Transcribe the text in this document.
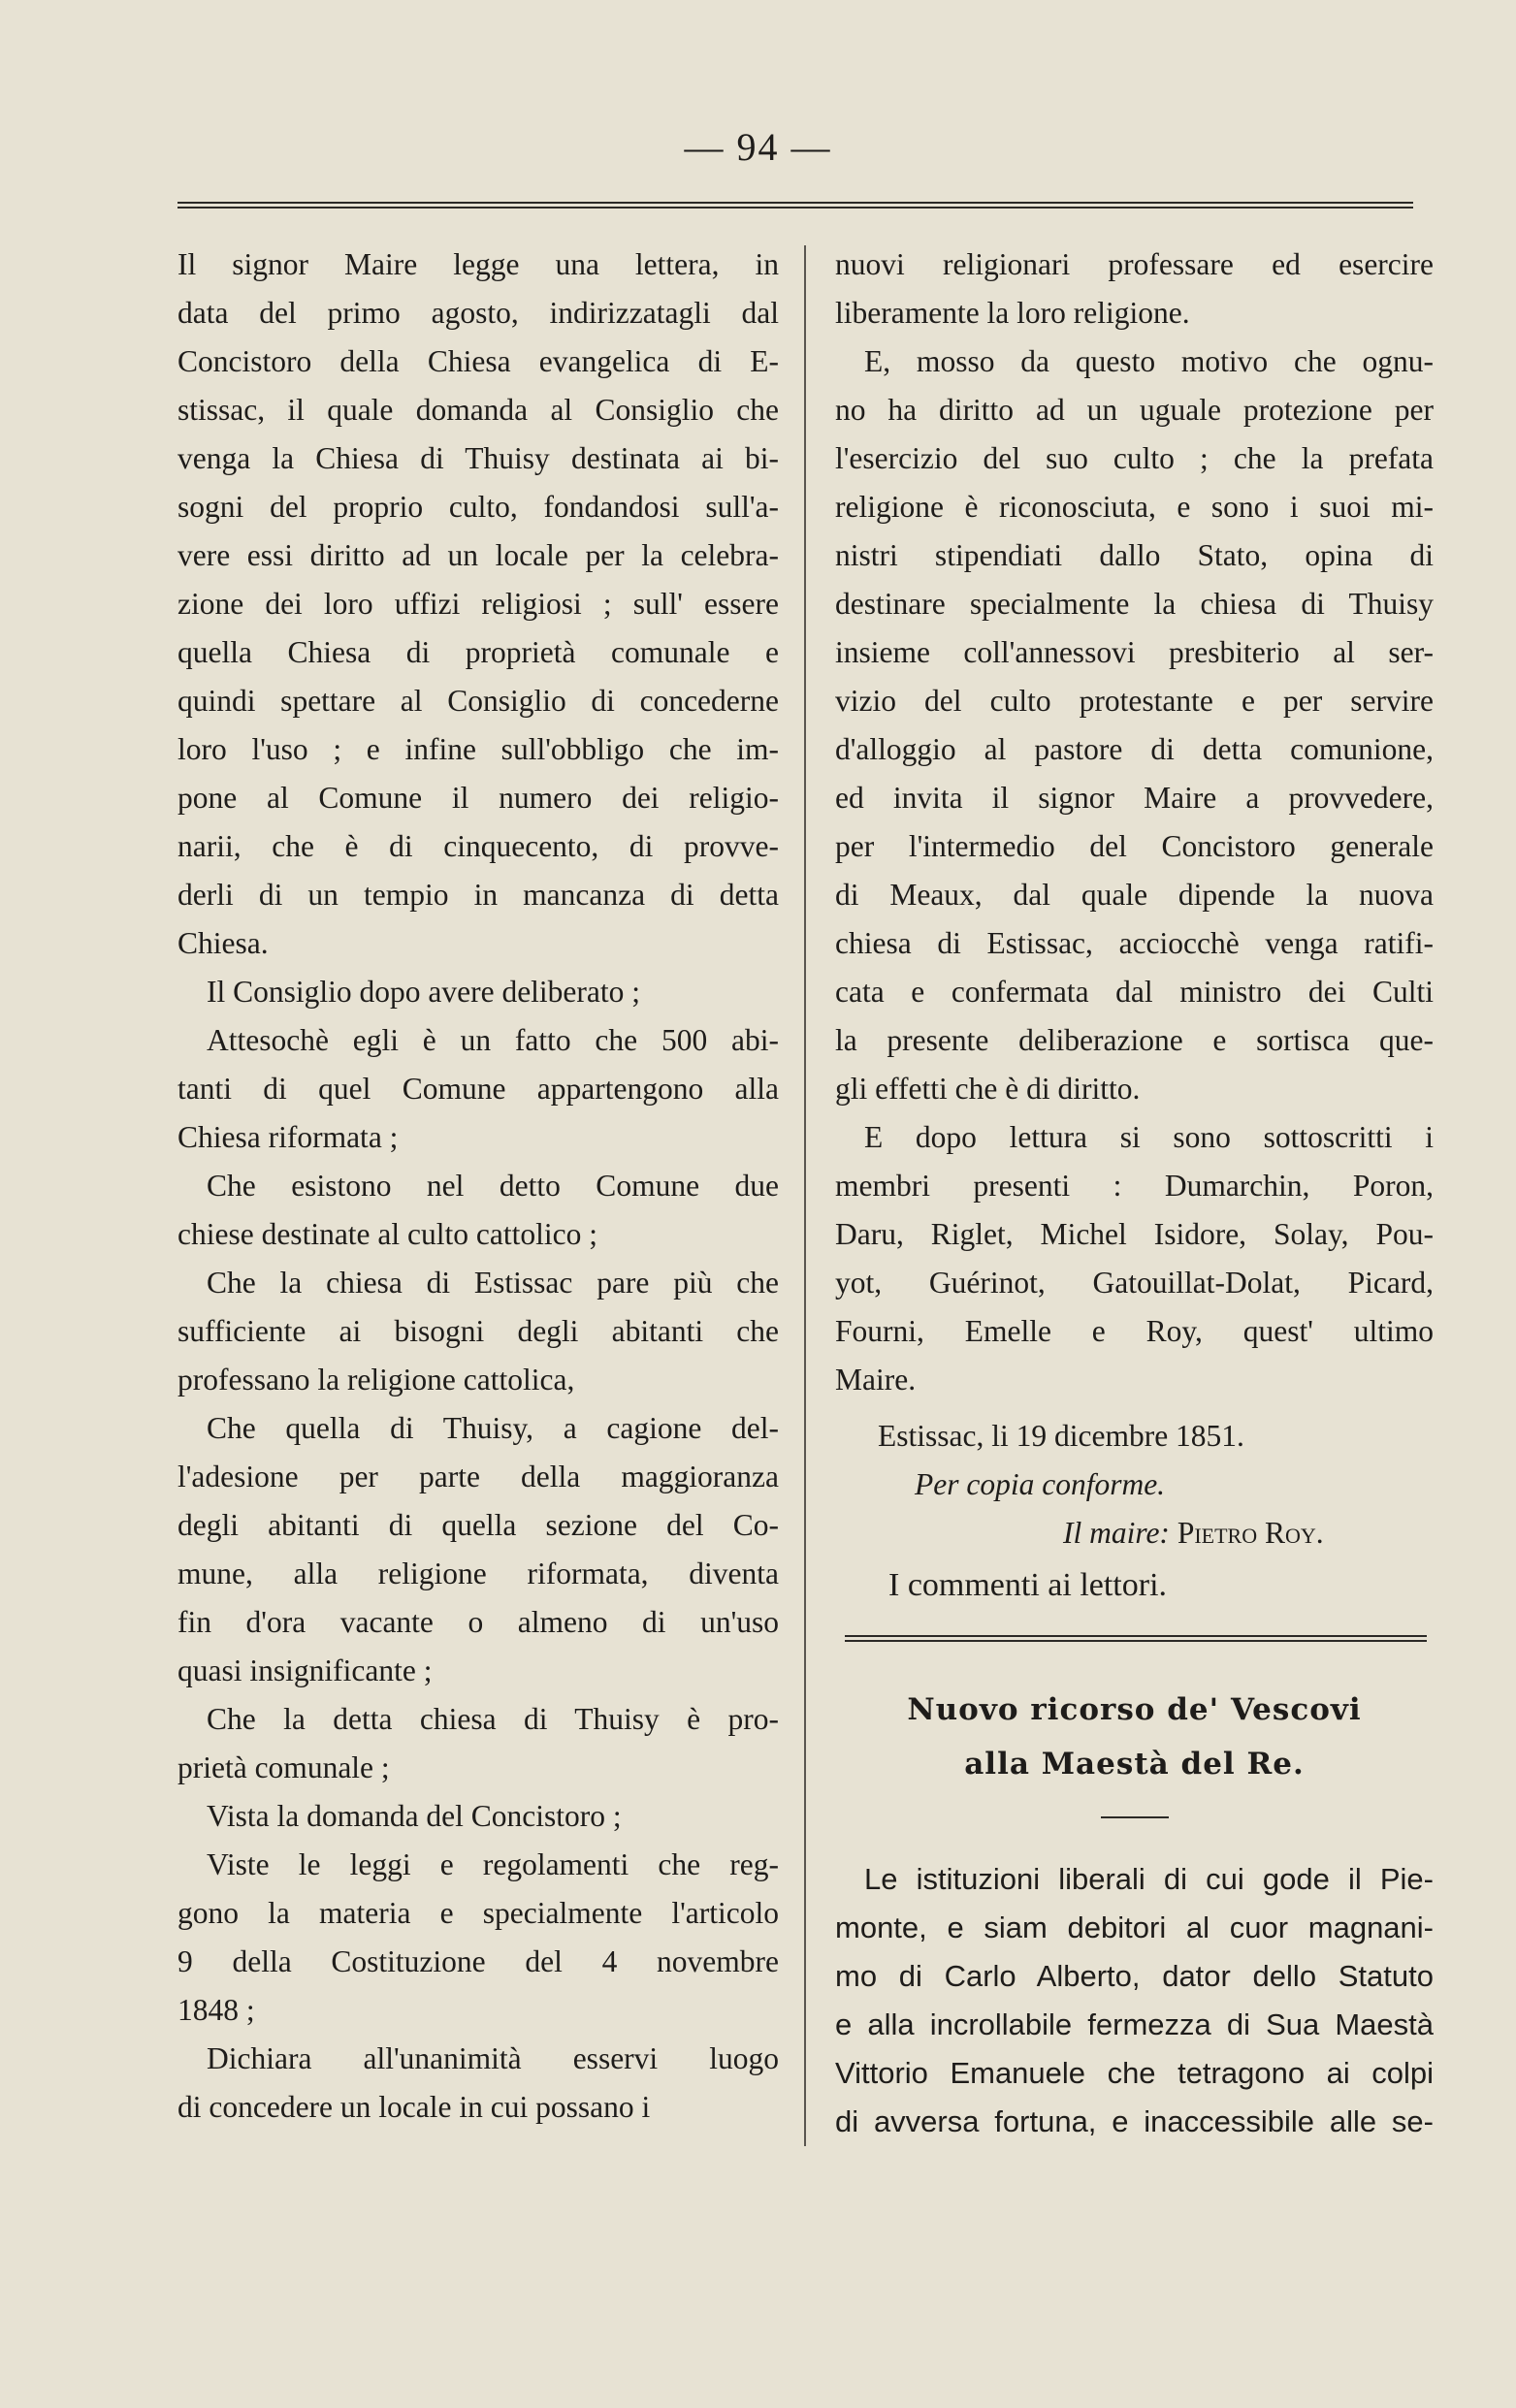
— 94 —

Il signor Maire legge una lettera, in

data del primo agosto, indirizzatagli dal

Concistoro della Chiesa evangelica di E-

stissac, il quale domanda al Consiglio che

venga la Chiesa di Thuisy destinata ai bi-

sogni del proprio culto, fondandosi sull'a-

vere essi diritto ad un locale per la celebra-

zione dei loro uffizi religiosi ; sull' essere

quella Chiesa di proprietà comunale e

quindi spettare al Consiglio di concederne

loro l'uso ; e infine sull'obbligo che im-

pone al Comune il numero dei religio-

narii, che è di cinquecento, di provve-

derli di un tempio in mancanza di detta

Chiesa.

Il Consiglio dopo avere deliberato ;

Attesochè egli è un fatto che 500 abi-

tanti di quel Comune appartengono alla

Chiesa riformata ;

Che esistono nel detto Comune due

chiese destinate al culto cattolico ;

Che la chiesa di Estissac pare più che

sufficiente ai bisogni degli abitanti che

professano la religione cattolica,

Che quella di Thuisy, a cagione del-

l'adesione per parte della maggioranza

degli abitanti di quella sezione del Co-

mune, alla religione riformata, diventa

fin d'ora vacante o almeno di un'uso

quasi insignificante ;

Che la detta chiesa di Thuisy è pro-

prietà comunale ;

Vista la domanda del Concistoro ;

Viste le leggi e regolamenti che reg-

gono la materia e specialmente l'articolo

9 della Costituzione del 4 novembre

1848 ;

Dichiara all'unanimità esservi luogo

di concedere un locale in cui possano i

nuovi religionari professare ed esercire

liberamente la loro religione.

E, mosso da questo motivo che ognu-

no ha diritto ad un uguale protezione per

l'esercizio del suo culto ; che la prefata

religione è riconosciuta, e sono i suoi mi-

nistri stipendiati dallo Stato, opina di

destinare specialmente la chiesa di Thuisy

insieme coll'annessovi presbiterio al ser-

vizio del culto protestante e per servire

d'alloggio al pastore di detta comunione,

ed invita il signor Maire a provvedere,

per l'intermedio del Concistoro generale

di Meaux, dal quale dipende la nuova

chiesa di Estissac, acciocchè venga ratifi-

cata e confermata dal ministro dei Culti

la presente deliberazione e sortisca que-

gli effetti che è di diritto.

E dopo lettura si sono sottoscritti i

membri presenti : Dumarchin, Poron,

Daru, Riglet, Michel Isidore, Solay, Pou-

yot, Guérinot, Gatouillat-Dolat, Picard,

Fourni, Emelle e Roy, quest' ultimo

Maire.

Estissac, li 19 dicembre 1851.

Per copia conforme.

Il maire: Pietro Roy.

I commenti ai lettori.
Nuovo ricorso de' Vescovi
alla Maestà del Re.

Le istituzioni liberali di cui gode il Pie-

monte, e siam debitori al cuor magnani-

mo di Carlo Alberto, dator dello Statuto

e alla incrollabile fermezza di Sua Maestà

Vittorio Emanuele che tetragono ai colpi

di avversa fortuna, e inaccessibile alle se-
